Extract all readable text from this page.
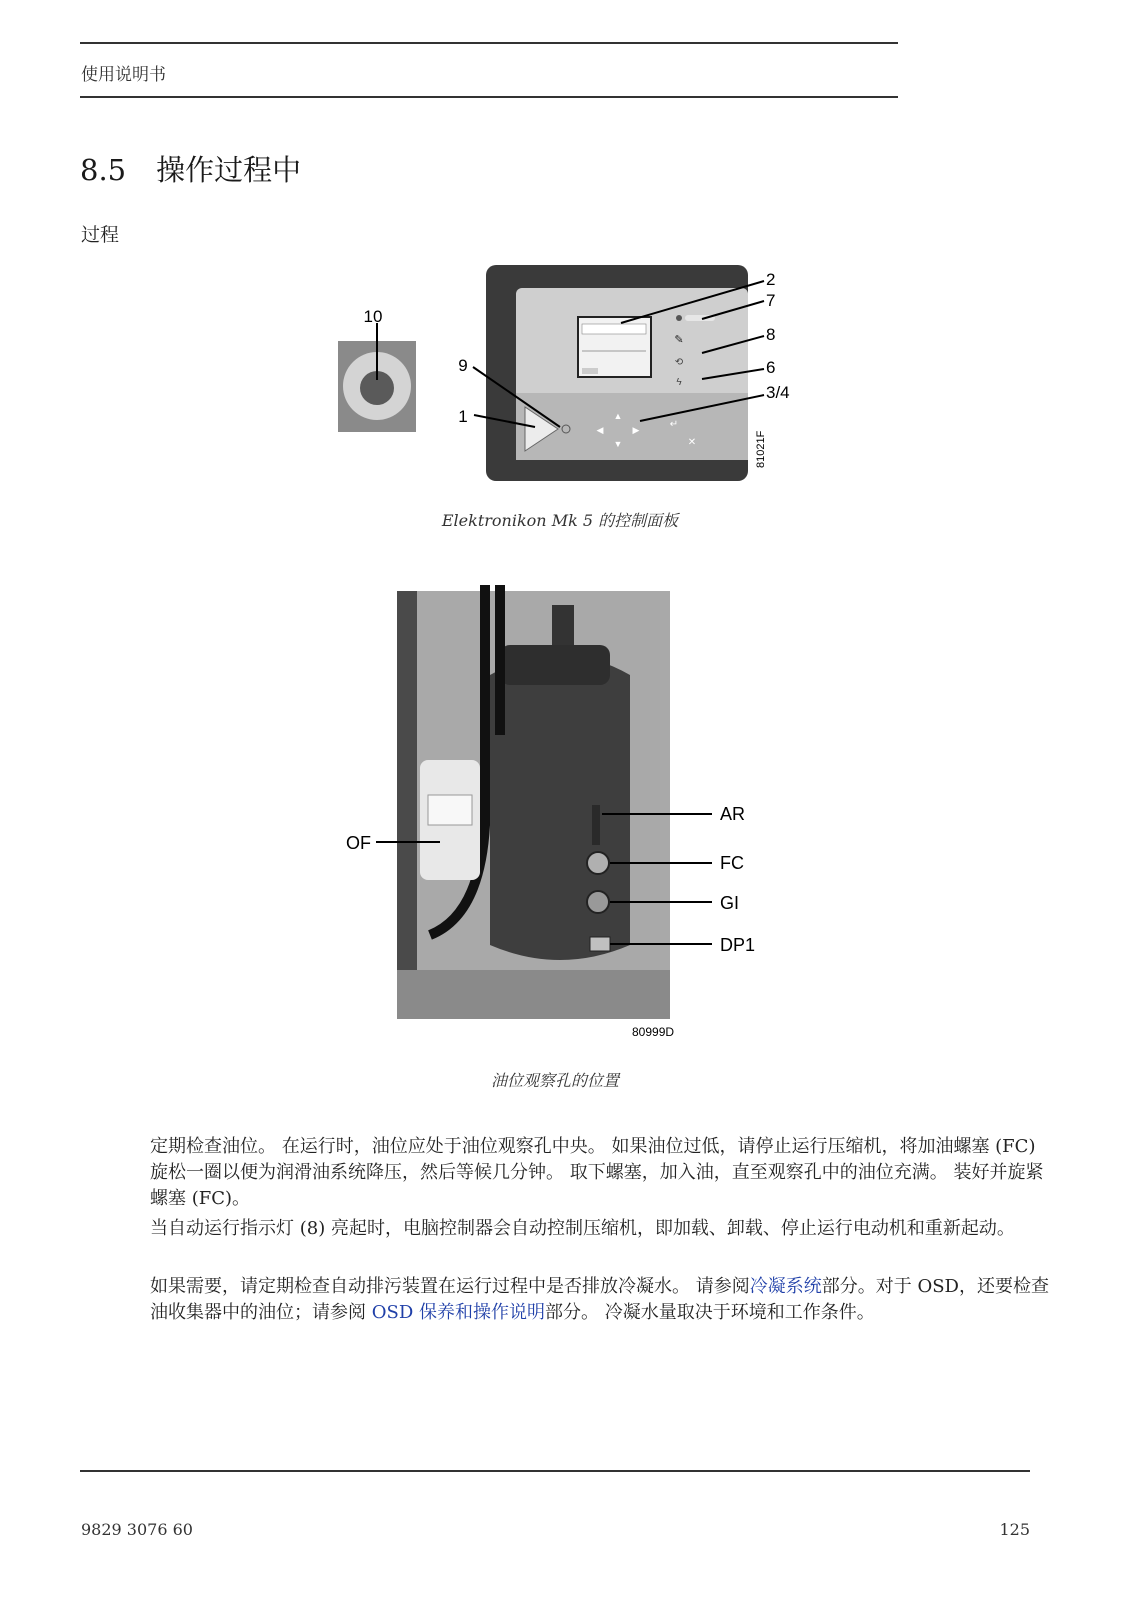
使用说明书
8.5 操作过程中
过程
10
✎
⟲
ϟ
▲
◀	▶
▼
↵
✕
9
1
2
7
8
6
3/4
81021F
Elektronikon Mk 5 的控制面板
OF
AR
FC
GI
DP1
80999D
油位观察孔的位置
定期检查油位。 在运行时，油位应处于油位观察孔中央。 如果油位过低，请停止运行压缩机，将加油螺塞 (FC) 旋松一圈以便为润滑油系统降压，然后等候几分钟。 取下螺塞，加入油，直至观察孔中的油位充满。 装好并旋紧螺塞 (FC)。
当自动运行指示灯 (8) 亮起时，电脑控制器会自动控制压缩机，即加载、卸载、停止运行电动机和重新起动。
如果需要，请定期检查自动排污装置在运行过程中是否排放冷凝水。 请参阅冷凝系统部分。对于 OSD，还要检查油收集器中的油位；请参阅 OSD 保养和操作说明部分。 冷凝水量取决于环境和工作条件。
9829 3076 60	125
